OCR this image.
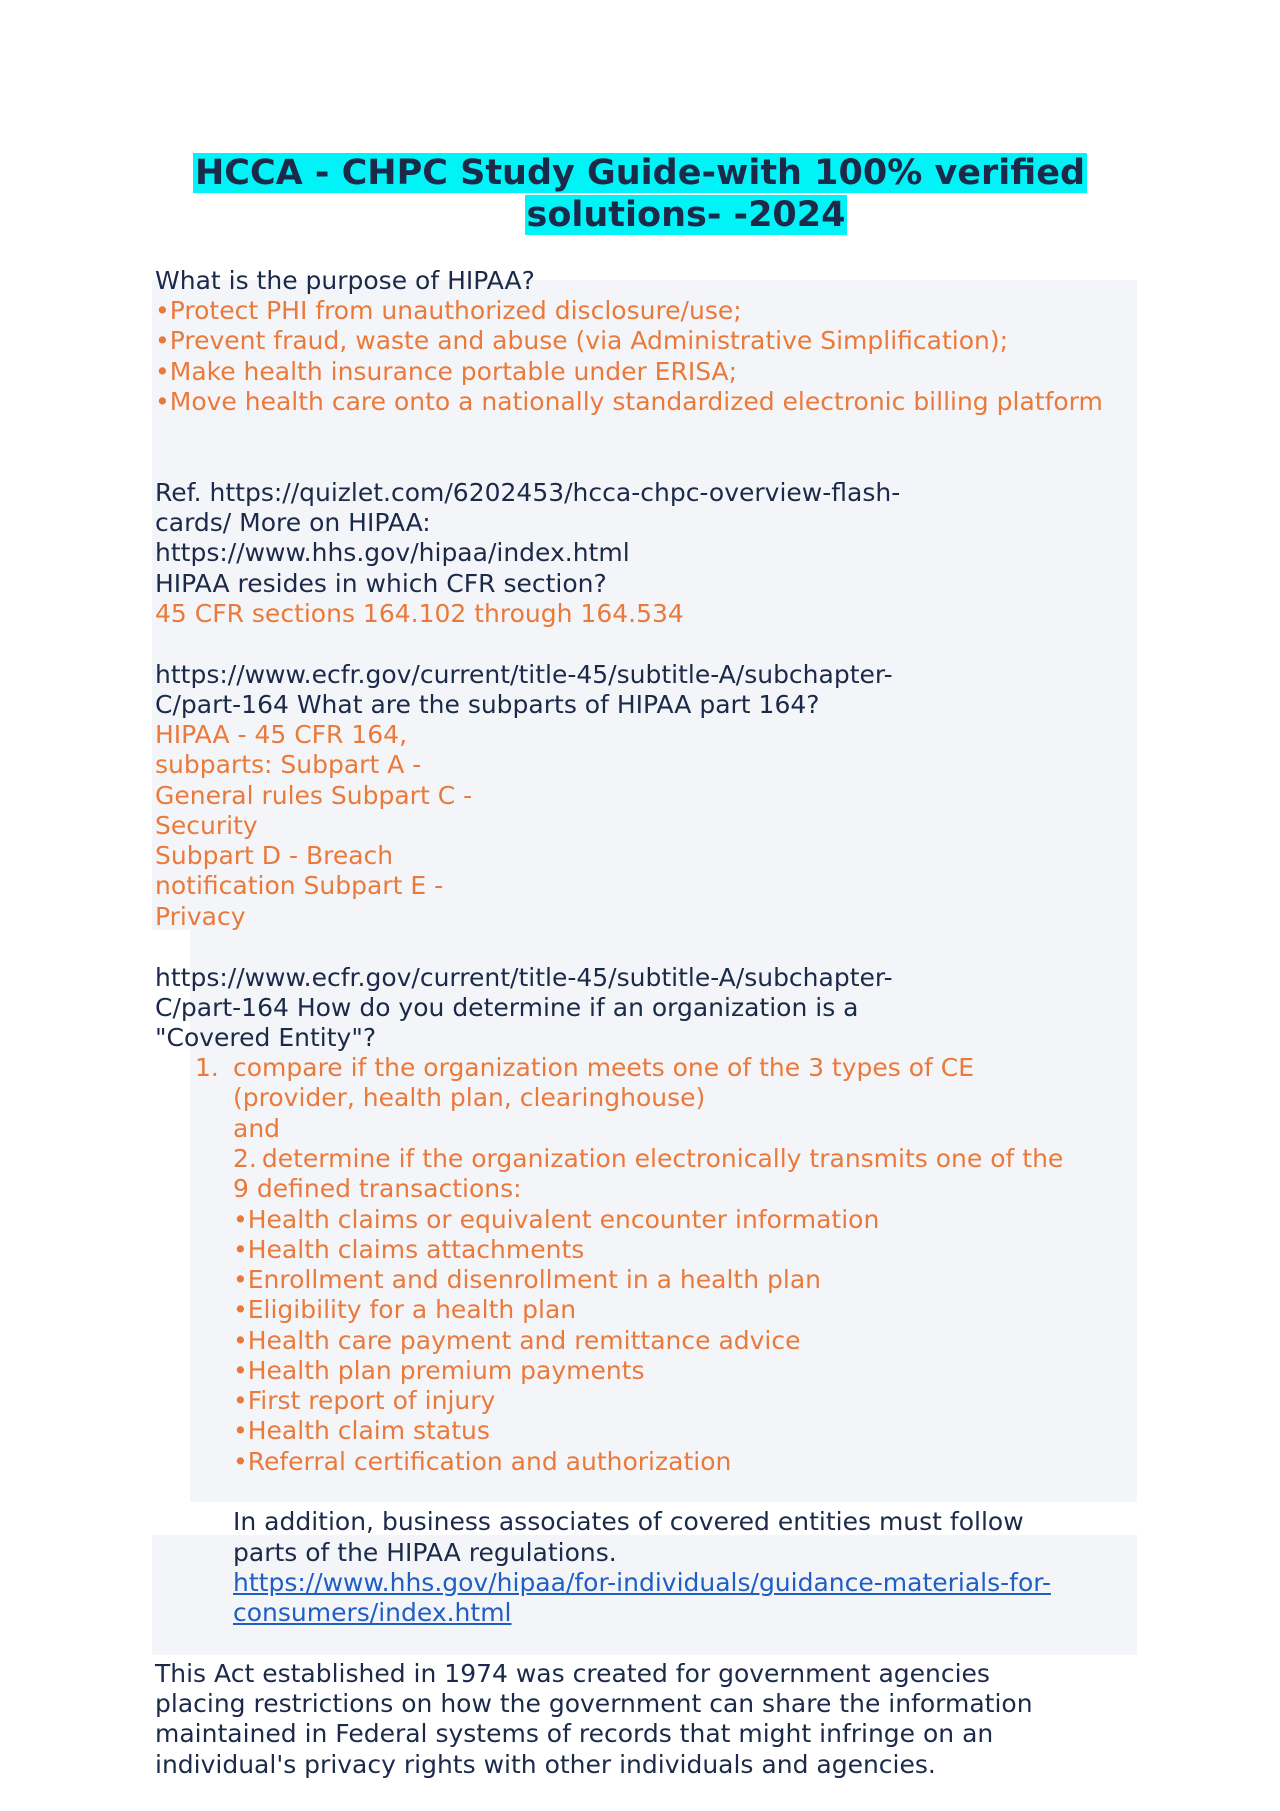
HCCA - CHPC Study Guide-with 100% verified
solutions- -2024
What is the purpose of HIPAA?
•Protect PHI from unauthorized disclosure/use;
•Prevent fraud, waste and abuse (via Administrative Simplification);
•Make health insurance portable under ERISA;
•Move health care onto a nationally standardized electronic billing platform
Ref. https://quizlet.com/6202453/hcca-chpc-overview-flash-
cards/ More on HIPAA:
https://www.hhs.gov/hipaa/index.html
HIPAA resides in which CFR section?
45 CFR sections 164.102 through 164.534
https://www.ecfr.gov/current/title-45/subtitle-A/subchapter-
C/part-164 What are the subparts of HIPAA part 164?
HIPAA - 45 CFR 164,
subparts: Subpart A -
General rules Subpart C -
Security
Subpart D - Breach
notification Subpart E -
Privacy
https://www.ecfr.gov/current/title-45/subtitle-A/subchapter-
C/part-164 How do you determine if an organization is a
"Covered Entity"?
1. compare if the organization meets one of the 3 types of CE
(provider, health plan, clearinghouse)
and
2. determine if the organization electronically transmits one of the
9 defined transactions:
•Health claims or equivalent encounter information
•Health claims attachments
•Enrollment and disenrollment in a health plan
•Eligibility for a health plan
•Health care payment and remittance advice
•Health plan premium payments
•First report of injury
•Health claim status
•Referral certification and authorization
In addition, business associates of covered entities must follow
parts of the HIPAA regulations.
https://www.hhs.gov/hipaa/for-individuals/guidance-materials-for-
consumers/index.html
This Act established in 1974 was created for government agencies
placing restrictions on how the government can share the information
maintained in Federal systems of records that might infringe on an
individual's privacy rights with other individuals and agencies.
